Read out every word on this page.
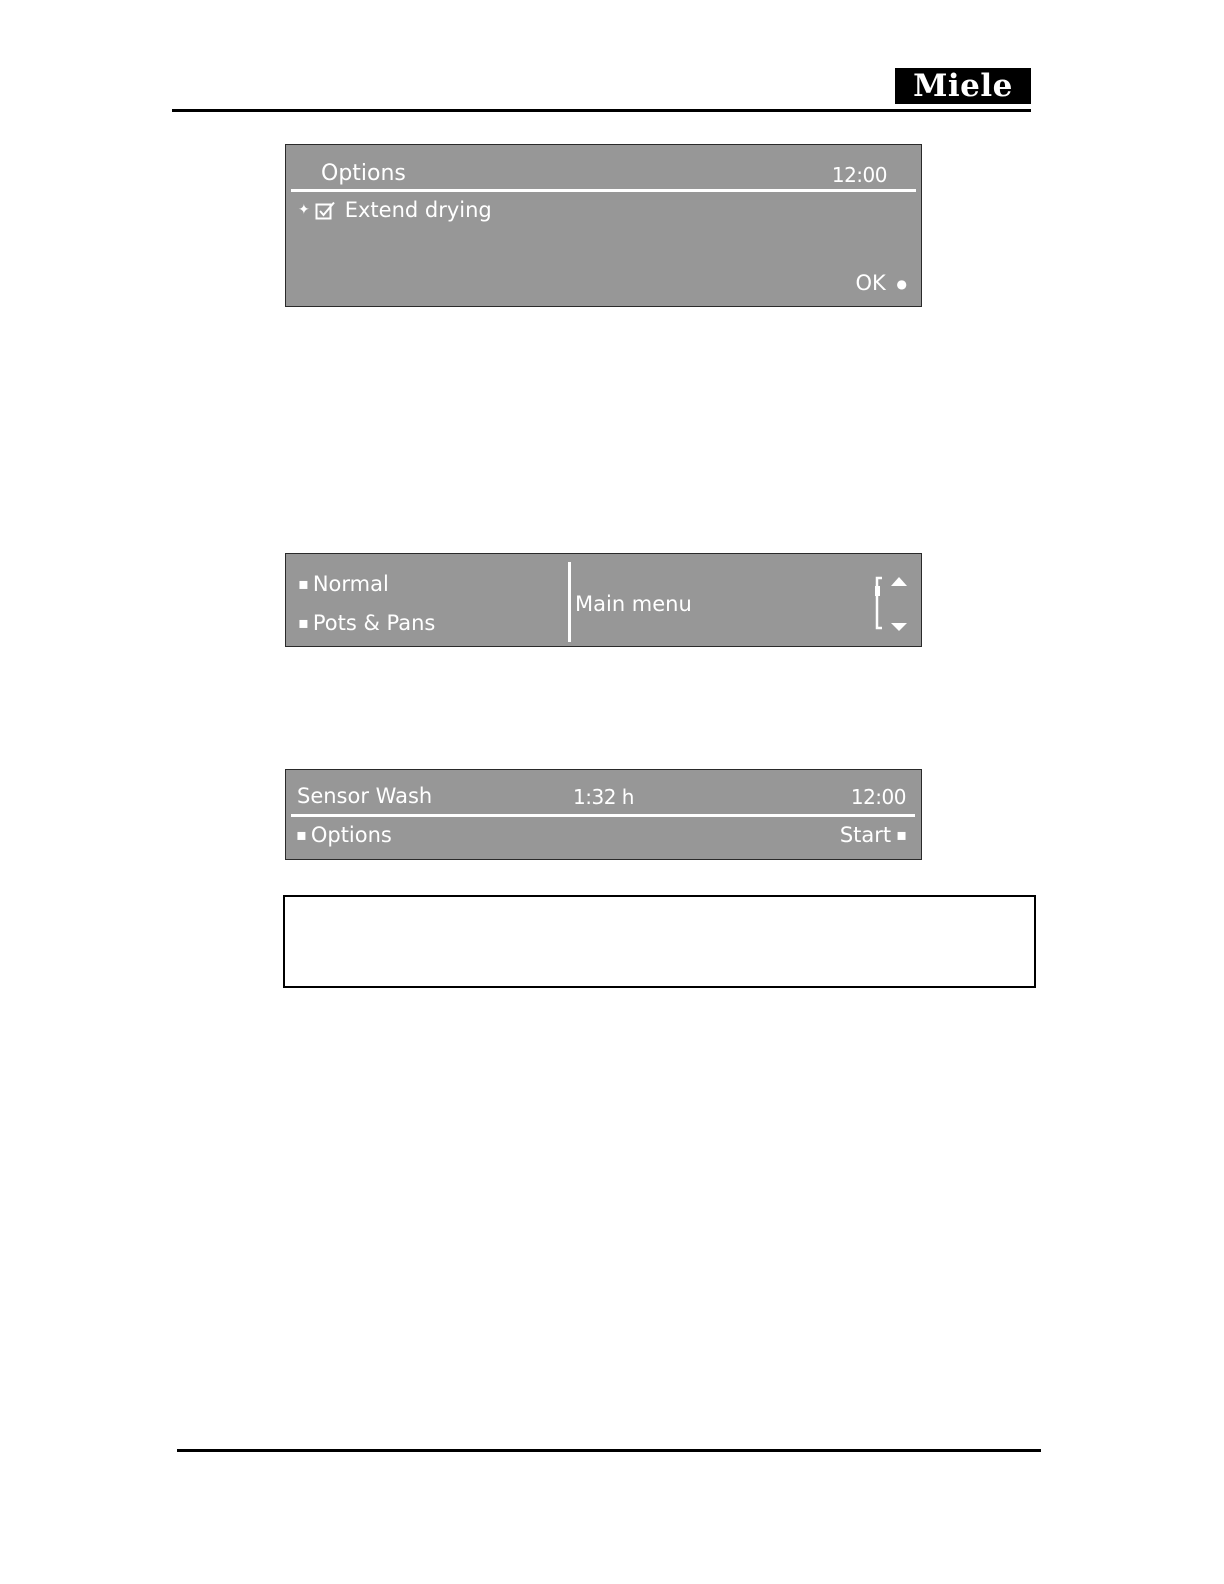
Miele
Options	12:00
✦ Extend drying
OK ●
▪ Normal
▪ Pots & Pans
Main menu
Sensor Wash	1:32 h	12:00
▪ Options	Start ▪
